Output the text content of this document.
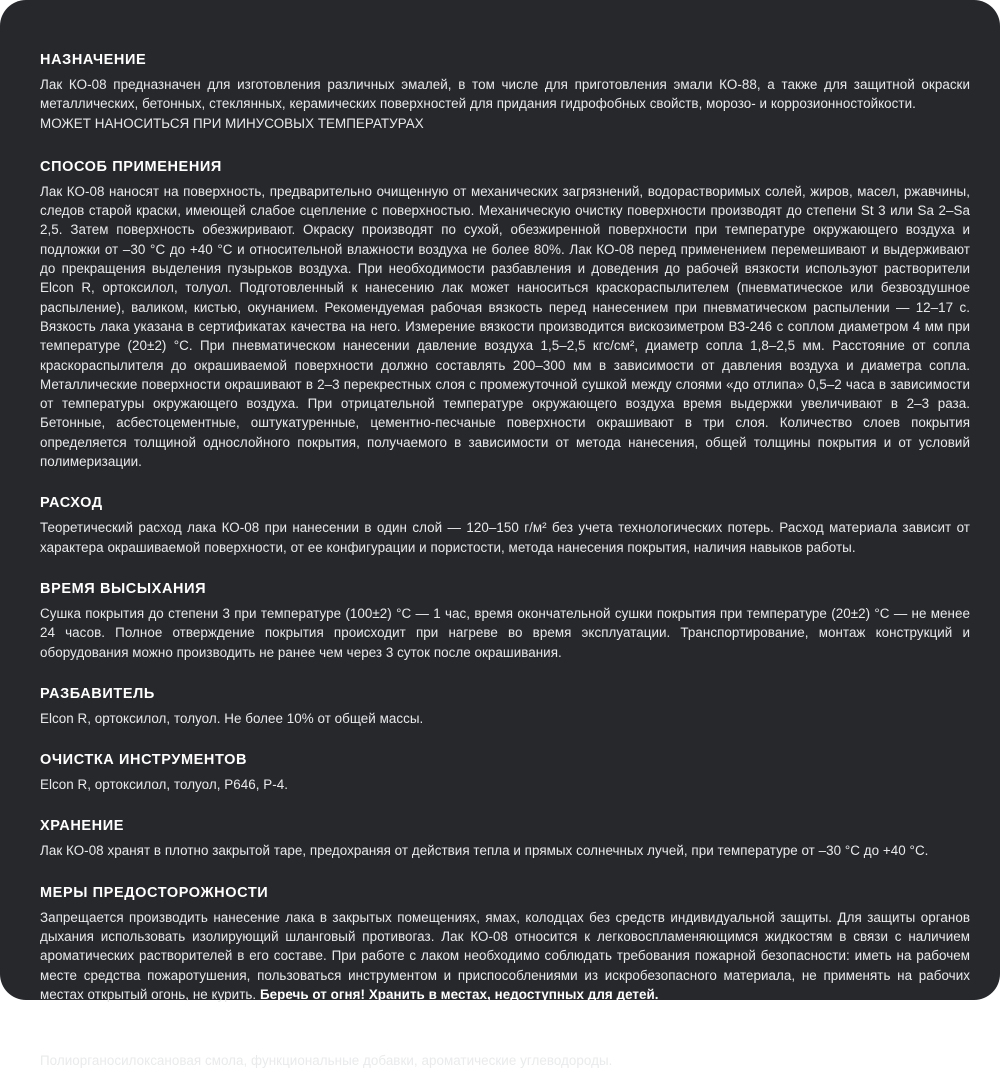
НАЗНАЧЕНИЕ

Лак КО-08 предназначен для изготовления различных эмалей, в том числе для приготовления эмали КО-88, а также для защитной окраски металлических, бетонных, стеклянных, керамических поверхностей для придания гидрофобных свойств, морозо- и коррозионностойкости.

МОЖЕТ НАНОСИТЬСЯ ПРИ МИНУСОВЫХ ТЕМПЕРАТУРАХ

СПОСОБ ПРИМЕНЕНИЯ

Лак КО-08 наносят на поверхность, предварительно очищенную от механических загрязнений, водорастворимых солей, жиров, масел, ржавчины, следов старой краски, имеющей слабое сцепление с поверхностью. Механическую очистку поверхности производят до степени St 3 или Sa 2–Sa 2,5. Затем поверхность обезжиривают. Окраску производят по сухой, обезжиренной поверхности при температуре окружающего воздуха и подложки от –30 °С до +40 °С и относительной влажности воздуха не более 80%. Лак КО-08 перед применением перемешивают и выдерживают до прекращения выделения пузырьков воздуха. При необходимости разбавления и доведения до рабочей вязкости используют растворители Elcon R, ортоксилол, толуол. Подготовленный к нанесению лак может наноситься краскораспылителем (пневматическое или безвоздушное распыление), валиком, кистью, окунанием. Рекомендуемая рабочая вязкость перед нанесением при пневматическом распылении — 12–17 с. Вязкость лака указана в сертификатах качества на него. Измерение вязкости производится вискозиметром ВЗ-246 с соплом диаметром 4 мм при температуре (20±2) °С. При пневматическом нанесении давление воздуха 1,5–2,5 кгс/см², диаметр сопла 1,8–2,5 мм. Расстояние от сопла краскораспылителя до окрашиваемой поверхности должно составлять 200–300 мм в зависимости от давления воздуха и диаметра сопла. Металлические поверхности окрашивают в 2–3 перекрестных слоя с промежуточной сушкой между слоями «до отлипа» 0,5–2 часа в зависимости от температуры окружающего воздуха. При отрицательной температуре окружающего воздуха время выдержки увеличивают в 2–3 раза. Бетонные, асбестоцементные, оштукатуренные, цементно-песчаные поверхности окрашивают в три слоя. Количество слоев покрытия определяется толщиной однослойного покрытия, получаемого в зависимости от метода нанесения, общей толщины покрытия и от условий полимеризации.

РАСХОД

Теоретический расход лака КО-08 при нанесении в один слой — 120–150 г/м² без учета технологических потерь. Расход материала зависит от характера окрашиваемой поверхности, от ее конфигурации и пористости, метода нанесения покрытия, наличия навыков работы.

ВРЕМЯ ВЫСЫХАНИЯ

Сушка покрытия до степени 3 при температуре (100±2) °С — 1 час, время окончательной сушки покрытия при температуре (20±2) °С — не менее 24 часов. Полное отверждение покрытия происходит при нагреве во время эксплуатации. Транспортирование, монтаж конструкций и оборудования можно производить не ранее чем через 3 суток после окрашивания.

РАЗБАВИТЕЛЬ

Elcon R, ортоксилол, толуол. Не более 10% от общей массы.

ОЧИСТКА ИНСТРУМЕНТОВ

Elcon R, ортоксилол, толуол, Р646, Р-4.

ХРАНЕНИЕ

Лак КО-08 хранят в плотно закрытой таре, предохраняя от действия тепла и прямых солнечных лучей, при температуре от –30 °С до +40 °С.

МЕРЫ ПРЕДОСТОРОЖНОСТИ

Запрещается производить нанесение лака в закрытых помещениях, ямах, колодцах без средств индивидуальной защиты. Для защиты органов дыхания использовать изолирующий шланговый противогаз. Лак КО-08 относится к легковоспламеняющимся жидкостям в связи с наличием ароматических растворителей в его составе. При работе с лаком необходимо соблюдать требования пожарной безопасности: иметь на рабочем месте средства пожаротушения, пользоваться инструментом и приспособлениями из искробезопасного материала, не применять на рабочих местах открытый огонь, не курить. Беречь от огня! Хранить в местах, недоступных для детей.

СОСТАВ

Полиорганосилоксановая смола, функциональные добавки, ароматические углеводороды.
